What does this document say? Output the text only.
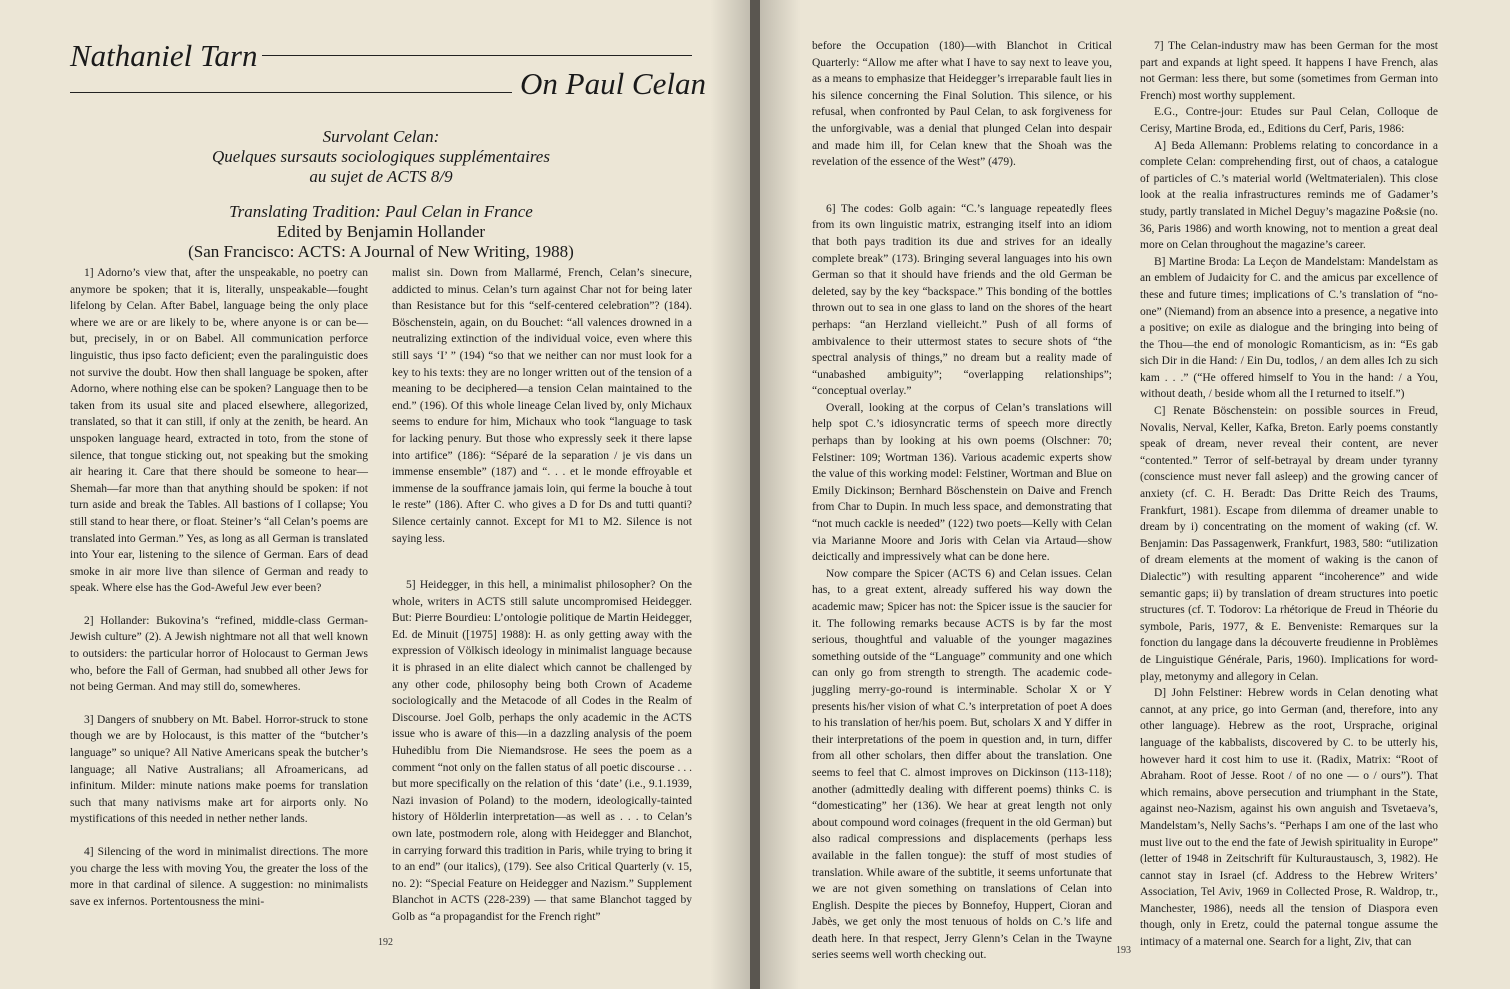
Nathaniel Tarn
On Paul Celan
Survolant Celan:
Quelques sursauts sociologiques supplémentaires
au sujet de ACTS 8/9
Translating Tradition: Paul Celan in France
Edited by Benjamin Hollander
(San Francisco: ACTS: A Journal of New Writing, 1988)

1] Adorno’s view that, after the unspeakable, no poetry can anymore be spoken; that it is, literally, unspeakable—fought lifelong by Celan. After Babel, language being the only place where we are or are likely to be, where anyone is or can be—but, precisely, in or on Babel. All communication perforce linguistic, thus ipso facto deficient; even the paralinguistic does not survive the doubt. How then shall language be spoken, after Adorno, where nothing else can be spoken? Language then to be taken from its usual site and placed elsewhere, allegorized, translated, so that it can still, if only at the zenith, be heard. An unspoken language heard, extracted in toto, from the stone of silence, that tongue sticking out, not speaking but the smoking air hearing it. Care that there should be someone to hear—Shemah—far more than that anything should be spoken: if not turn aside and break the Tables. All bastions of I collapse; You still stand to hear there, or float. Steiner’s “all Celan’s poems are translated into German.” Yes, as long as all German is translated into Your ear, listening to the silence of German. Ears of dead smoke in air more live than silence of German and ready to speak. Where else has the God-Aweful Jew ever been?

2] Hollander: Bukovina’s “refined, middle-class German-Jewish culture” (2). A Jewish nightmare not all that well known to outsiders: the particular horror of Holocaust to German Jews who, before the Fall of German, had snubbed all other Jews for not being German. And may still do, somewheres.

3] Dangers of snubbery on Mt. Babel. Horror-struck to stone though we are by Holocaust, is this matter of the “butcher’s language” so unique? All Native Americans speak the butcher’s language; all Native Australians; all Afroamericans, ad infinitum. Milder: minute nations make poems for translation such that many nativisms make art for airports only. No mystifications of this needed in nether nether lands.

4] Silencing of the word in minimalist directions. The more you charge the less with moving You, the greater the loss of the more in that cardinal of silence. A suggestion: no minimalists save ex infernos. Portentousness the mini-

malist sin. Down from Mallarmé, French, Celan’s sinecure, addicted to minus. Celan’s turn against Char not for being later than Resistance but for this “self-centered celebration”? (184). Böschenstein, again, on du Bouchet: “all valences drowned in a neutralizing extinction of the individual voice, even where this still says ‘I’ ” (194) “so that we neither can nor must look for a key to his texts: they are no longer written out of the tension of a meaning to be deciphered—a tension Celan maintained to the end.” (196). Of this whole lineage Celan lived by, only Michaux seems to endure for him, Michaux who took “language to task for lacking penury. But those who expressly seek it there lapse into artifice” (186): “Séparé de la separation / je vis dans un immense ensemble” (187) and “. . . et le monde effroyable et immense de la souffrance jamais loin, qui ferme la bouche à tout le reste” (186). After C. who gives a D for Ds and tutti quanti? Silence certainly cannot. Except for M1 to M2. Silence is not saying less.

5] Heidegger, in this hell, a minimalist philosopher? On the whole, writers in ACTS still salute uncompromised Heidegger. But: Pierre Bourdieu: L’ontologie politique de Martin Heidegger, Ed. de Minuit ([1975] 1988): H. as only getting away with the expression of Völkisch ideology in minimalist language because it is phrased in an elite dialect which cannot be challenged by any other code, philosophy being both Crown of Academe sociologically and the Metacode of all Codes in the Realm of Discourse. Joel Golb, perhaps the only academic in the ACTS issue who is aware of this—in a dazzling analysis of the poem Huhediblu from Die Niemandsrose. He sees the poem as a comment “not only on the fallen status of all poetic discourse . . . but more specifically on the relation of this ‘date’ (i.e., 9.1.1939, Nazi invasion of Poland) to the modern, ideologically-tainted history of Hölderlin interpretation—as well as . . . to Celan’s own late, postmodern role, along with Heidegger and Blanchot, in carrying forward this tradition in Paris, while trying to bring it to an end” (our italics), (179). See also Critical Quarterly (v. 15, no. 2): “Special Feature on Heidegger and Nazism.” Supplement Blanchot in ACTS (228-239) — that same Blanchot tagged by Golb as “a propagandist for the French right”

192

before the Occupation (180)—with Blanchot in Critical Quarterly: “Allow me after what I have to say next to leave you, as a means to emphasize that Heidegger’s irreparable fault lies in his silence concerning the Final Solution. This silence, or his refusal, when confronted by Paul Celan, to ask forgiveness for the unforgivable, was a denial that plunged Celan into despair and made him ill, for Celan knew that the Shoah was the revelation of the essence of the West” (479).

6] The codes: Golb again: “C.’s language repeatedly flees from its own linguistic matrix, estranging itself into an idiom that both pays tradition its due and strives for an ideally complete break” (173). Bringing several languages into his own German so that it should have friends and the old German be deleted, say by the key “backspace.” This bonding of the bottles thrown out to sea in one glass to land on the shores of the heart perhaps: “an Herzland vielleicht.” Push of all forms of ambivalence to their uttermost states to secure shots of “the spectral analysis of things,” no dream but a reality made of “unabashed ambiguity”; “overlapping relationships”; “conceptual overlay.”

Overall, looking at the corpus of Celan’s translations will help spot C.’s idiosyncratic terms of speech more directly perhaps than by looking at his own poems (Olschner: 70; Felstiner: 109; Wortman 136). Various academic experts show the value of this working model: Felstiner, Wortman and Blue on Emily Dickinson; Bernhard Böschenstein on Daive and French from Char to Dupin. In much less space, and demonstrating that “not much cackle is needed” (122) two poets—Kelly with Celan via Marianne Moore and Joris with Celan via Artaud—show deictically and impressively what can be done here.

Now compare the Spicer (ACTS 6) and Celan issues. Celan has, to a great extent, already suffered his way down the academic maw; Spicer has not: the Spicer issue is the saucier for it. The following remarks because ACTS is by far the most serious, thoughtful and valuable of the younger magazines something outside of the “Language” community and one which can only go from strength to strength. The academic code-juggling merry-go-round is interminable. Scholar X or Y presents his/her vision of what C.’s interpretation of poet A does to his translation of her/his poem. But, scholars X and Y differ in their interpretations of the poem in question and, in turn, differ from all other scholars, then differ about the translation. One seems to feel that C. almost improves on Dickinson (113-118); another (admittedly dealing with different poems) thinks C. is “domesticating” her (136). We hear at great length not only about compound word coinages (frequent in the old German) but also radical compressions and displacements (perhaps less available in the fallen tongue): the stuff of most studies of translation. While aware of the subtitle, it seems unfortunate that we are not given something on translations of Celan into English. Despite the pieces by Bonnefoy, Huppert, Cioran and Jabès, we get only the most tenuous of holds on C.’s life and death here. In that respect, Jerry Glenn’s Celan in the Twayne series seems well worth checking out.

7] The Celan-industry maw has been German for the most part and expands at light speed. It happens I have French, alas not German: less there, but some (sometimes from German into French) most worthy supplement.

E.G., Contre-jour: Etudes sur Paul Celan, Colloque de Cerisy, Martine Broda, ed., Editions du Cerf, Paris, 1986:

A] Beda Allemann: Problems relating to concordance in a complete Celan: comprehending first, out of chaos, a catalogue of particles of C.’s material world (Weltmaterialen). This close look at the realia infrastructures reminds me of Gadamer’s study, partly translated in Michel Deguy’s magazine Po&sie (no. 36, Paris 1986) and worth knowing, not to mention a great deal more on Celan throughout the magazine’s career.

B] Martine Broda: La Leçon de Mandelstam: Mandelstam as an emblem of Judaicity for C. and the amicus par excellence of these and future times; implications of C.’s translation of “no-one” (Niemand) from an absence into a presence, a negative into a positive; on exile as dialogue and the bringing into being of the Thou—the end of monologic Romanticism, as in: “Es gab sich Dir in die Hand: / Ein Du, todlos, / an dem alles Ich zu sich kam . . .” (“He offered himself to You in the hand: / a You, without death, / beside whom all the I returned to itself.”)

C] Renate Böschenstein: on possible sources in Freud, Novalis, Nerval, Keller, Kafka, Breton. Early poems constantly speak of dream, never reveal their content, are never “contented.” Terror of self-betrayal by dream under tyranny (conscience must never fall asleep) and the growing cancer of anxiety (cf. C. H. Beradt: Das Dritte Reich des Traums, Frankfurt, 1981). Escape from dilemma of dreamer unable to dream by i) concentrating on the moment of waking (cf. W. Benjamin: Das Passagenwerk, Frankfurt, 1983, 580: “utilization of dream elements at the moment of waking is the canon of Dialectic”) with resulting apparent “incoherence” and wide semantic gaps; ii) by translation of dream structures into poetic structures (cf. T. Todorov: La rhétorique de Freud in Théorie du symbole, Paris, 1977, & E. Benveniste: Remarques sur la fonction du langage dans la découverte freudienne in Problèmes de Linguistique Générale, Paris, 1960). Implications for word-play, metonymy and allegory in Celan.

D] John Felstiner: Hebrew words in Celan denoting what cannot, at any price, go into German (and, therefore, into any other language). Hebrew as the root, Ursprache, original language of the kabbalists, discovered by C. to be utterly his, however hard it cost him to use it. (Radix, Matrix: “Root of Abraham. Root of Jesse. Root / of no one — o / ours”). That which remains, above persecution and triumphant in the State, against neo-Nazism, against his own anguish and Tsvetaeva’s, Mandelstam’s, Nelly Sachs’s. “Perhaps I am one of the last who must live out to the end the fate of Jewish spirituality in Europe” (letter of 1948 in Zeitschrift für Kulturaustausch, 3, 1982). He cannot stay in Israel (cf. Address to the Hebrew Writers’ Association, Tel Aviv, 1969 in Collected Prose, R. Waldrop, tr., Manchester, 1986), needs all the tension of Diaspora even though, only in Eretz, could the paternal tongue assume the intimacy of a maternal one. Search for a light, Ziv, that can

193
